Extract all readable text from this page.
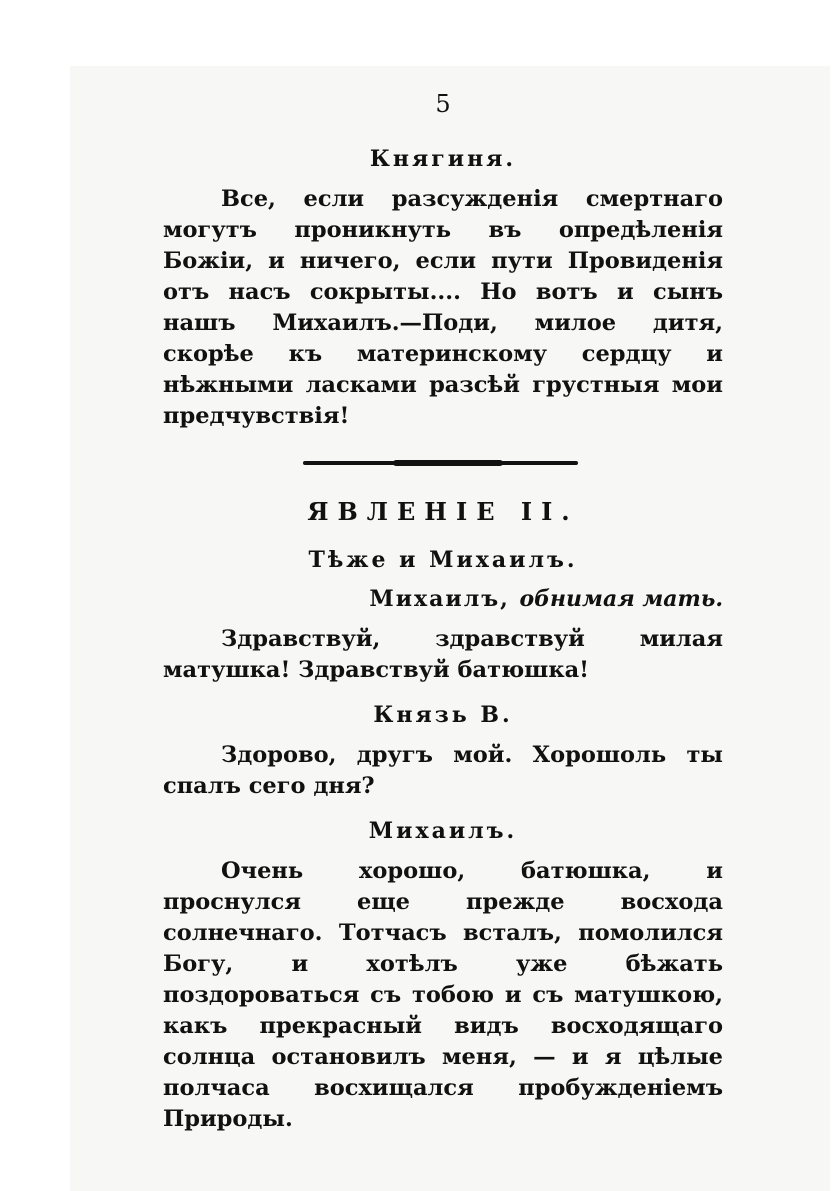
5
Княгиня.

Все, если разсужденія смертнаго могутъ проникнуть въ опредѣленія Божіи, и ничего, если пути Провиденія отъ насъ сокрыты.... Но вотъ и сынъ нашъ Михаилъ.—Поди, милое дитя, скорѣе къ материнскому сердцу и нѣжными ласками разсѣй грустныя мои предчувствія!

ЯВЛЕНІЕ II.
Тѣже и Михаилъ.
Михаилъ, обнимая мать.

Здравствуй, здравствуй милая матушка! Здравствуй батюшка!

Князь В.

Здорово, другъ мой. Хорошоль ты спалъ сего дня?

Михаилъ.

Очень хорошо, батюшка, и проснулся еще прежде восхода солнечнаго. Тотчасъ всталъ, помолился Богу, и хотѣлъ уже бѣжать поздороваться съ тобою и съ матушкою, какъ прекрасный видъ восходящаго солнца остановилъ меня, — и я цѣлые полчаса восхищался пробужденіемъ Природы.
